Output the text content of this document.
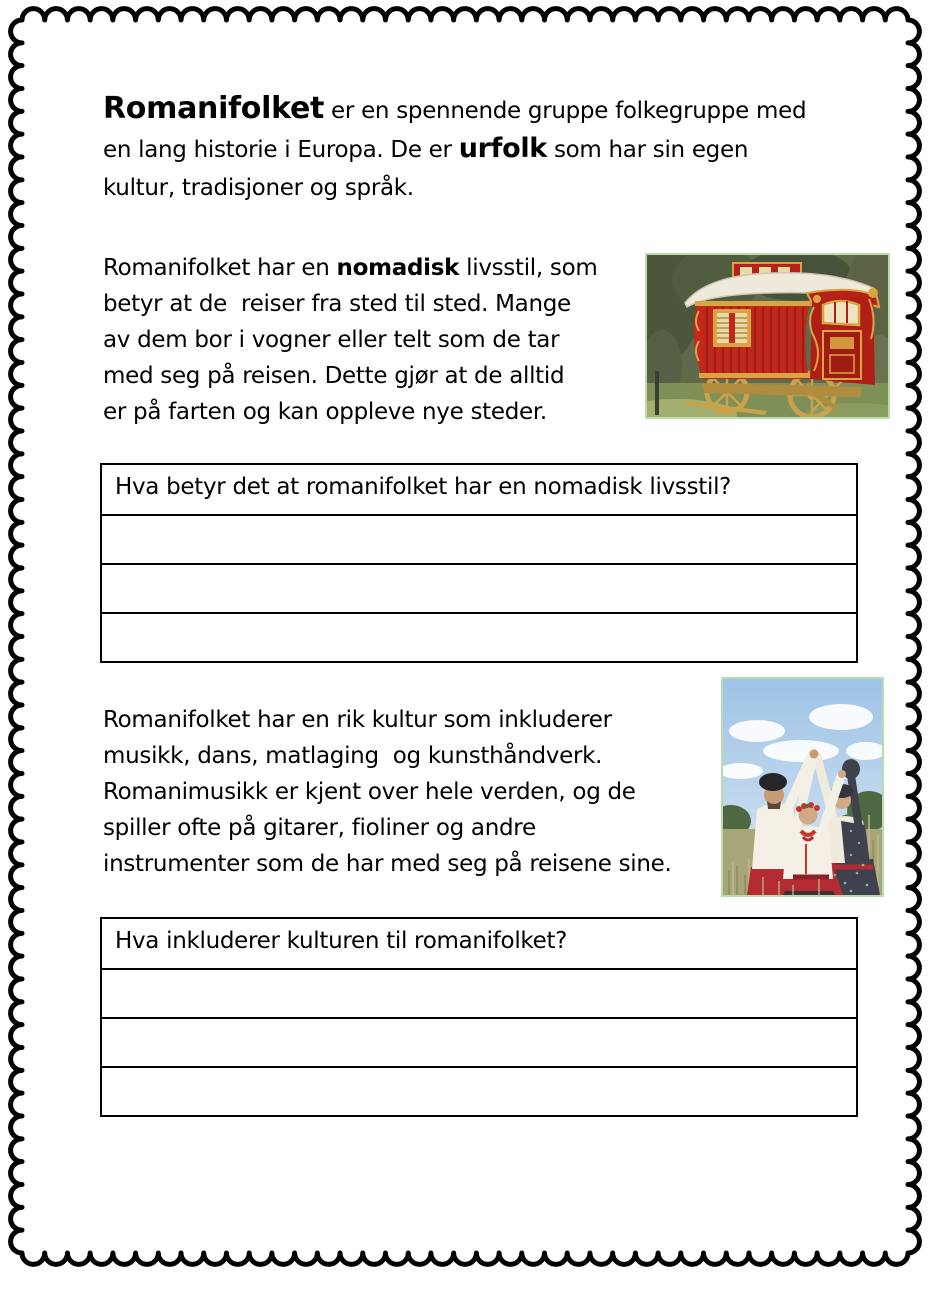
Romanifolket er en spennende gruppe folkegruppe med
en lang historie i Europa. De er urfolk som har sin egen
kultur, tradisjoner og språk.
Romanifolket har en nomadisk livsstil, som
betyr at de  reiser fra sted til sted. Mange
av dem bor i vogner eller telt som de tar
med seg på reisen. Dette gjør at de alltid
er på farten og kan oppleve nye steder.
Hva betyr det at romanifolket har en nomadisk livsstil?
Romanifolket har en rik kultur som inkluderer
musikk, dans, matlaging  og kunsthåndverk.
Romanimusikk er kjent over hele verden, og de
spiller ofte på gitarer, fioliner og andre
instrumenter som de har med seg på reisene sine.
Hva inkluderer kulturen til romanifolket?
